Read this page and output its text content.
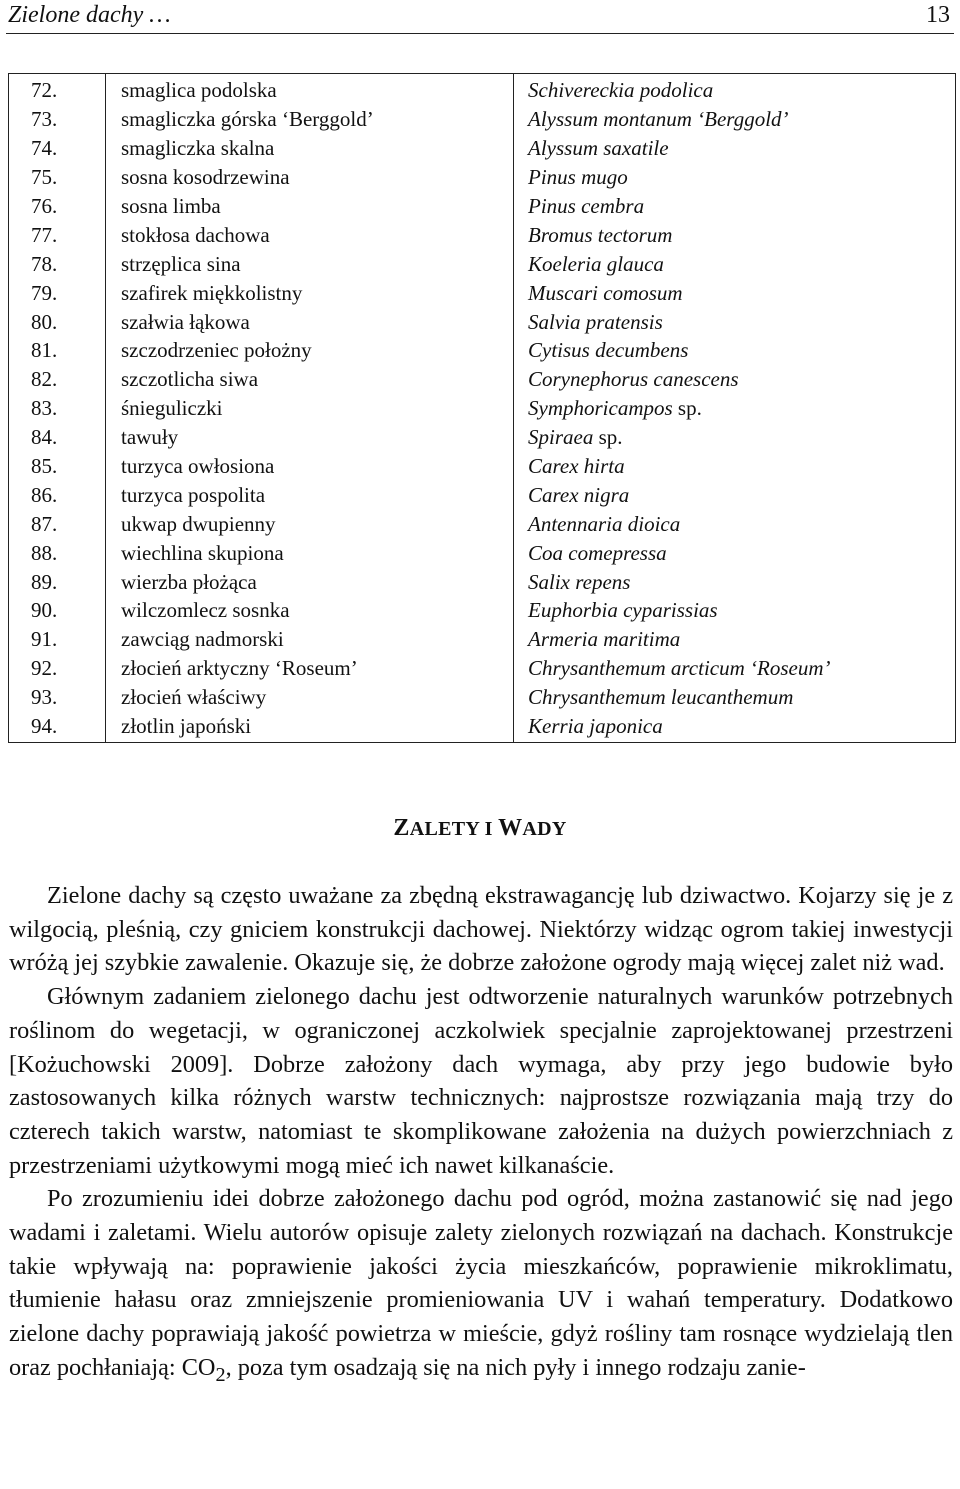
Zielone dachy …	13
72.	smaglica podolska	Schivereckia podolica
73.	smagliczka górska ‘Berggold’	Alyssum montanum ‘Berggold’
74.	smagliczka skalna	Alyssum saxatile
75.	sosna kosodrzewina	Pinus mugo
76.	sosna limba	Pinus cembra
77.	stokłosa dachowa	Bromus tectorum
78.	strzęplica sina	Koeleria glauca
79.	szafirek miękkolistny	Muscari comosum
80.	szałwia łąkowa	Salvia pratensis
81.	szczodrzeniec położny	Cytisus decumbens
82.	szczotlicha siwa	Corynephorus canescens
83.	śnieguliczki	Symphoricampos sp.
84.	tawuły	Spiraea sp.
85.	turzyca owłosiona	Carex hirta
86.	turzyca pospolita	Carex nigra
87.	ukwap dwupienny	Antennaria dioica
88.	wiechlina skupiona	Coa comepressa
89.	wierzba płożąca	Salix repens
90.	wilczomlecz sosnka	Euphorbia cyparissias
91.	zawciąg nadmorski	Armeria maritima
92.	złocień arktyczny ‘Roseum’	Chrysanthemum arcticum ‘Roseum’
93.	złocień właściwy	Chrysanthemum leucanthemum
94.	złotlin japoński	Kerria japonica
ZALETY I WADY

Zielone dachy są często uważane za zbędną ekstrawagancję lub dziwactwo. Kojarzy się je z wilgocią, pleśnią, czy gniciem konstrukcji dachowej. Niektórzy widząc ogrom takiej inwestycji wróżą jej szybkie zawalenie. Okazuje się, że dobrze założone ogrody mają więcej zalet niż wad.

Głównym zadaniem zielonego dachu jest odtworzenie naturalnych warunków potrzebnych roślinom do wegetacji, w ograniczonej aczkolwiek specjalnie zaprojektowanej przestrzeni [Kożuchowski 2009]. Dobrze założony dach wymaga, aby przy jego budowie było zastosowanych kilka różnych warstw technicznych: najprostsze rozwiązania mają trzy do czterech takich warstw, natomiast te skomplikowane założenia na dużych powierzchniach z przestrzeniami użytkowymi mogą mieć ich nawet kilkanaście.

Po zrozumieniu idei dobrze założonego dachu pod ogród, można zastanowić się nad jego wadami i zaletami. Wielu autorów opisuje zalety zielonych rozwiązań na dachach. Konstrukcje takie wpływają na: poprawienie jakości życia mieszkańców, poprawienie mikroklimatu, tłumienie hałasu oraz zmniejszenie promieniowania UV i wahań temperatury. Dodatkowo zielone dachy poprawiają jakość powietrza w mieście, gdyż rośliny tam rosnące wydzielają tlen oraz pochłaniają: $CO_2$, poza tym osadzają się na nich pyły i innego rodzaju zanie-
